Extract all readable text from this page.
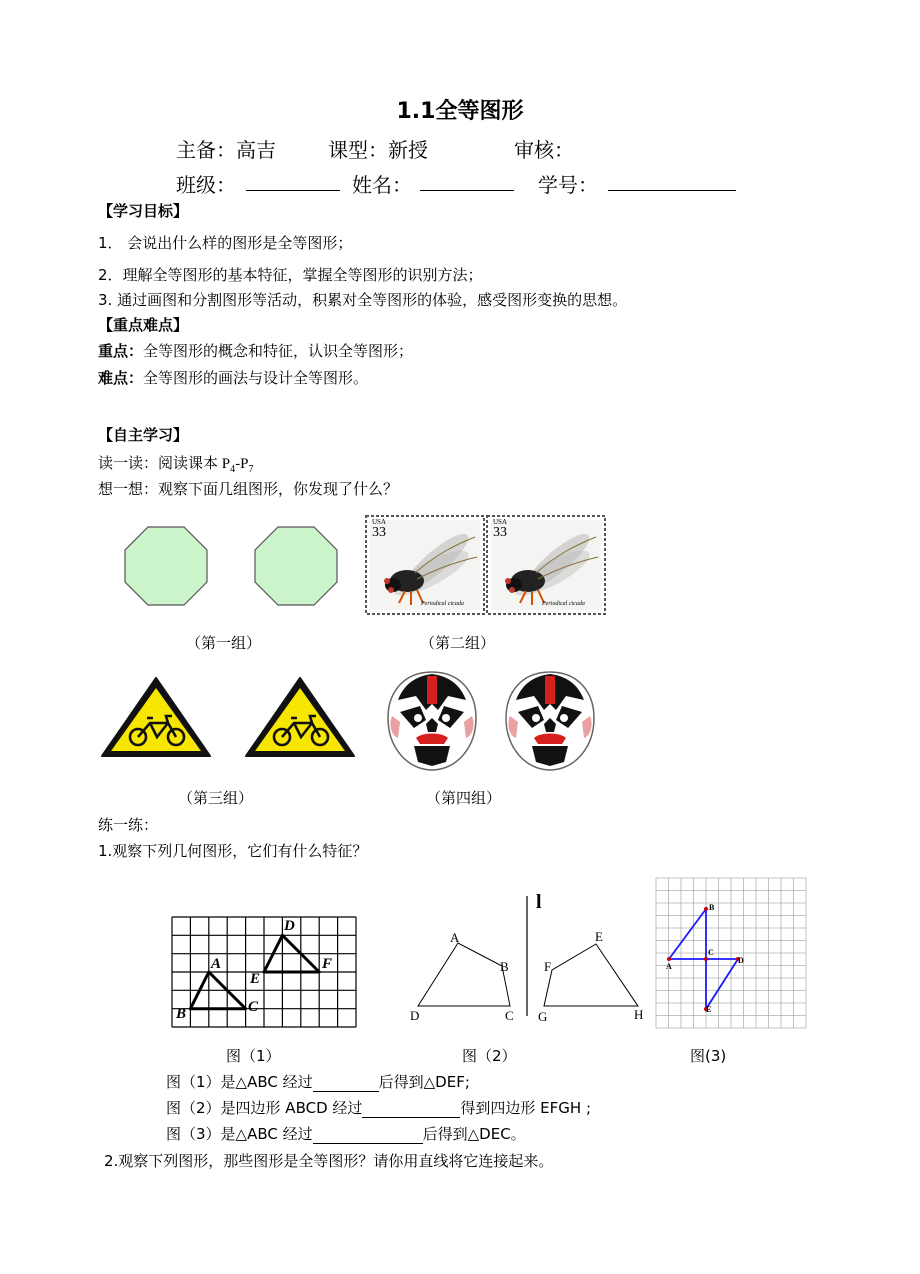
1.1全等图形
主备：高吉	课型：新授	审核：
班级：	姓名：	学号：
【学习目标】
1． 会说出什么样的图形是全等图形；
2．理解全等图形的基本特征，掌握全等图形的识别方法；
3. 通过画图和分割图形等活动，积累对全等图形的体验，感受图形变换的思想。
【重点难点】
重点：全等图形的概念和特征，认识全等图形；
难点：全等图形的画法与设计全等图形。
【自主学习】
读一读：阅读课本 $P_4-P_7$
想一想：观察下面几组图形，你发现了什么？
USA
33
Periodical cicada
USA
33
Periodical cicada
（第一组）	（第二组）
（第三组）	（第四组）
练一练：
1.观察下列几何图形，它们有什么特征？
B
A
C
D
E
F
l
A
B
C
D
E
F
G	H
B
A
C
D
E
图（1）	图（2）	图(3)
图（1）是△ABC 经过	后得到△DEF;
图（2）是四边形 ABCD 经过	得到四边形 EFGH ;
图（3）是△ABC 经过	后得到△DEC。
2.观察下列图形，那些图形是全等图形？请你用直线将它连接起来。
